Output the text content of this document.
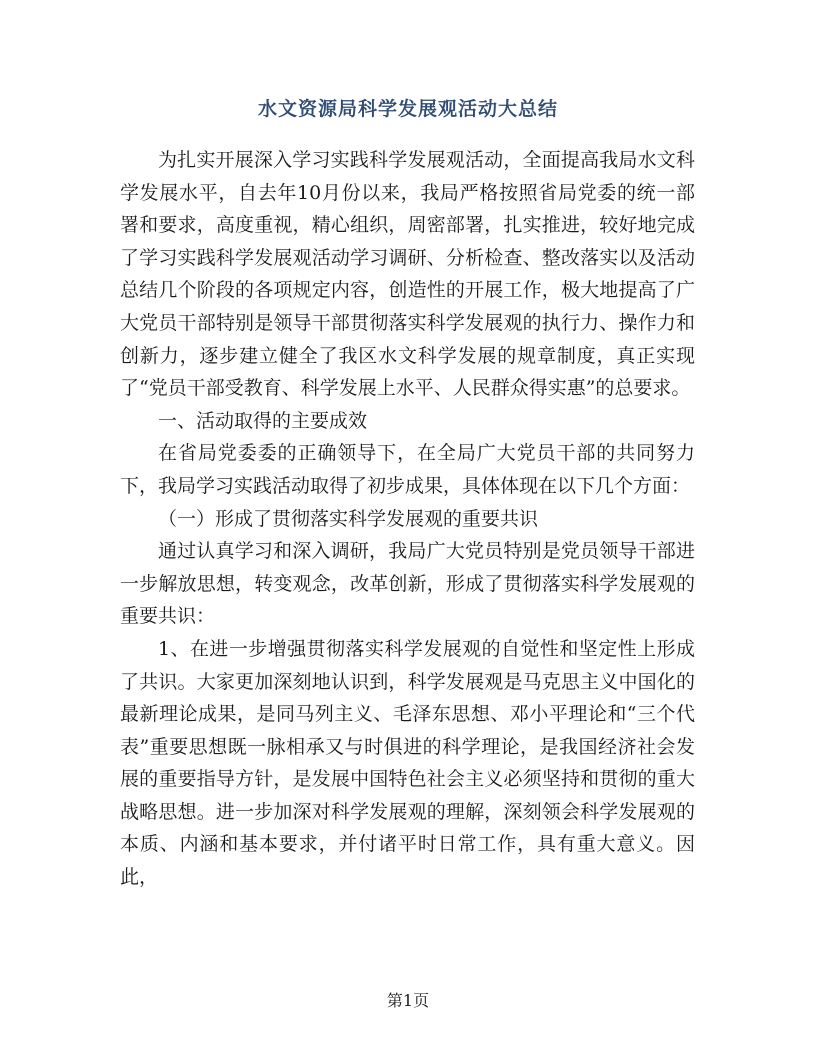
水文资源局科学发展观活动大总结

为扎实开展深入学习实践科学发展观活动，全面提高我局水文科学发展水平，自去年10月份以来，我局严格按照省局党委的统一部署和要求，高度重视，精心组织，周密部署，扎实推进，较好地完成了学习实践科学发展观活动学习调研、分析检查、整改落实以及活动总结几个阶段的各项规定内容，创造性的开展工作，极大地提高了广大党员干部特别是领导干部贯彻落实科学发展观的执行力、操作力和创新力，逐步建立健全了我区水文科学发展的规章制度，真正实现了“党员干部受教育、科学发展上水平、人民群众得实惠”的总要求。

一、活动取得的主要成效

在省局党委委的正确领导下，在全局广大党员干部的共同努力下，我局学习实践活动取得了初步成果，具体体现在以下几个方面：

（一）形成了贯彻落实科学发展观的重要共识

通过认真学习和深入调研，我局广大党员特别是党员领导干部进一步解放思想，转变观念，改革创新，形成了贯彻落实科学发展观的重要共识：

1、在进一步增强贯彻落实科学发展观的自觉性和坚定性上形成了共识。大家更加深刻地认识到，科学发展观是马克思主义中国化的最新理论成果，是同马列主义、毛泽东思想、邓小平理论和“三个代表”重要思想既一脉相承又与时俱进的科学理论，是我国经济社会发展的重要指导方针，是发展中国特色社会主义必须坚持和贯彻的重大战略思想。进一步加深对科学发展观的理解，深刻领会科学发展观的本质、内涵和基本要求，并付诸平时日常工作，具有重大意义。因此，

第1页
